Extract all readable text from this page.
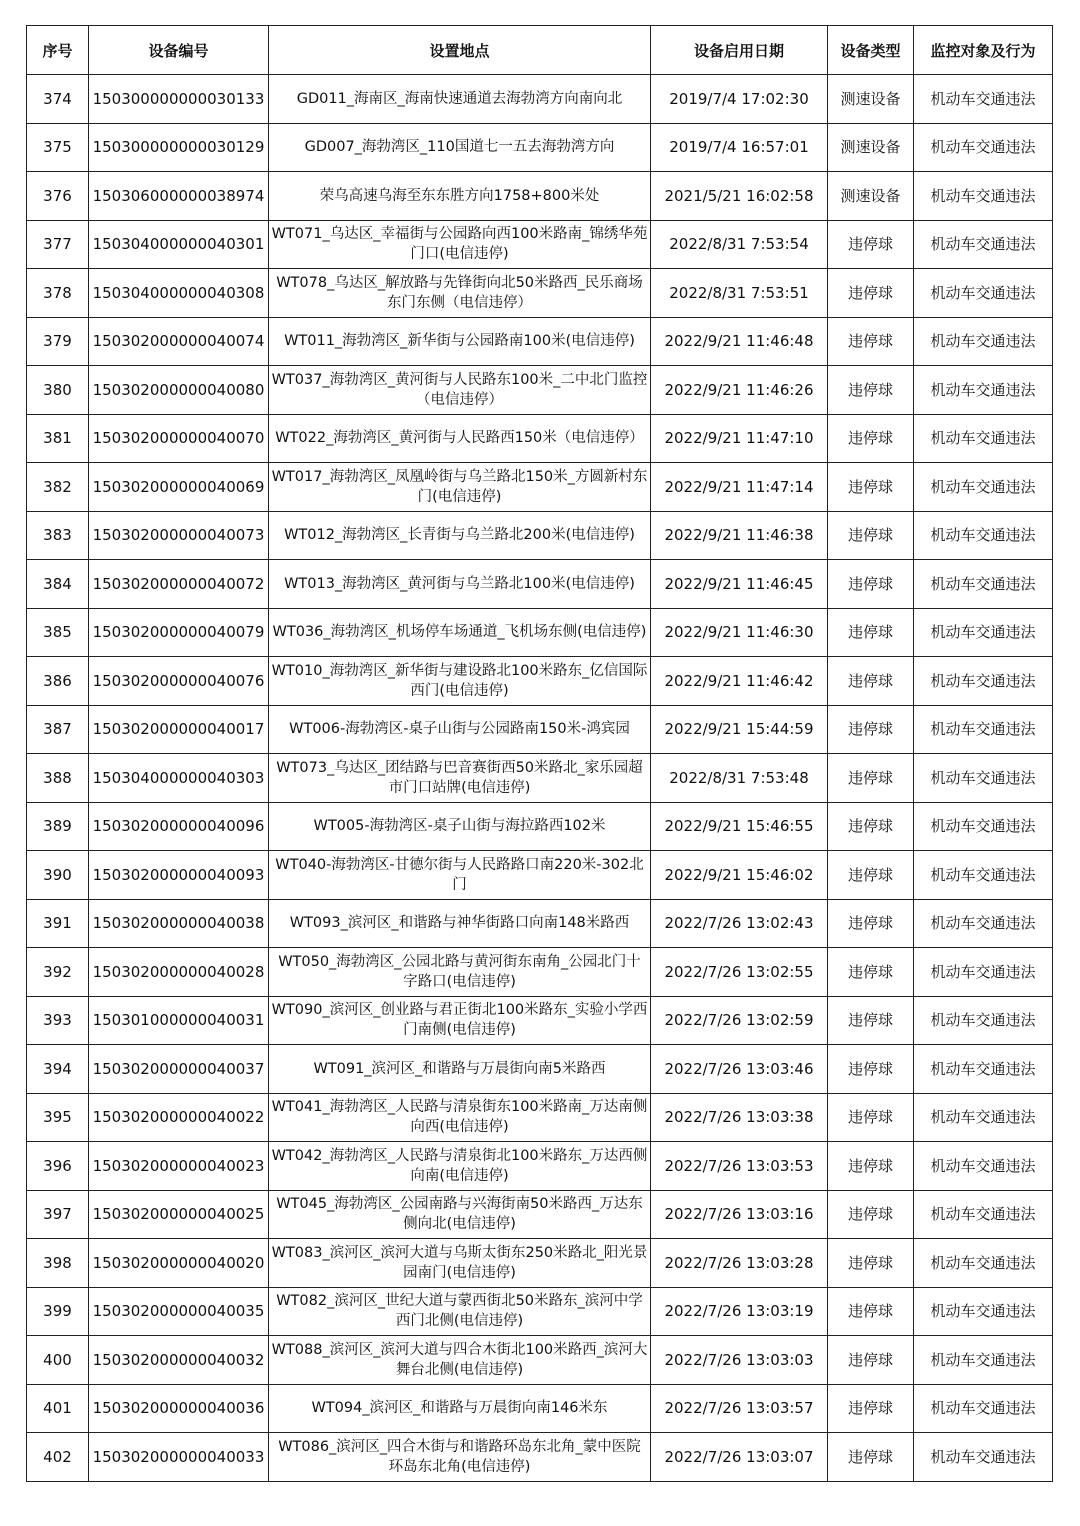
序号	设备编号	设置地点	设备启用日期	设备类型	监控对象及行为
374	150300000000030133	GD011_海南区_海南快速通道去海勃湾方向南向北	2019/7/4 17:02:30	测速设备	机动车交通违法
375	150300000000030129	GD007_海勃湾区_110国道七一五去海勃湾方向	2019/7/4 16:57:01	测速设备	机动车交通违法
376	150306000000038974	荣乌高速乌海至东东胜方向1758+800米处	2021/5/21 16:02:58	测速设备	机动车交通违法
377	150304000000040301	WT071_乌达区_幸福街与公园路向西100米路南_锦绣华苑门口(电信违停)	2022/8/31 7:53:54	违停球	机动车交通违法
378	150304000000040308	WT078_乌达区_解放路与先锋街向北50米路西_民乐商场东门东侧（电信违停）	2022/8/31 7:53:51	违停球	机动车交通违法
379	150302000000040074	WT011_海勃湾区_新华街与公园路南100米(电信违停)	2022/9/21 11:46:48	违停球	机动车交通违法
380	150302000000040080	WT037_海勃湾区_黄河街与人民路东100米_二中北门监控（电信违停）	2022/9/21 11:46:26	违停球	机动车交通违法
381	150302000000040070	WT022_海勃湾区_黄河街与人民路西150米（电信违停）	2022/9/21 11:47:10	违停球	机动车交通违法
382	150302000000040069	WT017_海勃湾区_凤凰岭街与乌兰路北150米_方圆新村东门(电信违停)	2022/9/21 11:47:14	违停球	机动车交通违法
383	150302000000040073	WT012_海勃湾区_长青街与乌兰路北200米(电信违停)	2022/9/21 11:46:38	违停球	机动车交通违法
384	150302000000040072	WT013_海勃湾区_黄河街与乌兰路北100米(电信违停)	2022/9/21 11:46:45	违停球	机动车交通违法
385	150302000000040079	WT036_海勃湾区_机场停车场通道_飞机场东侧(电信违停)	2022/9/21 11:46:30	违停球	机动车交通违法
386	150302000000040076	WT010_海勃湾区_新华街与建设路北100米路东_亿信国际西门(电信违停)	2022/9/21 11:46:42	违停球	机动车交通违法
387	150302000000040017	WT006-海勃湾区-桌子山街与公园路南150米-鸿宾园	2022/9/21 15:44:59	违停球	机动车交通违法
388	150304000000040303	WT073_乌达区_团结路与巴音赛街西50米路北_家乐园超市门口站牌(电信违停)	2022/8/31 7:53:48	违停球	机动车交通违法
389	150302000000040096	WT005-海勃湾区-桌子山街与海拉路西102米	2022/9/21 15:46:55	违停球	机动车交通违法
390	150302000000040093	WT040-海勃湾区-甘德尔街与人民路路口南220米-302北门	2022/9/21 15:46:02	违停球	机动车交通违法
391	150302000000040038	WT093_滨河区_和谐路与神华街路口向南148米路西	2022/7/26 13:02:43	违停球	机动车交通违法
392	150302000000040028	WT050_海勃湾区_公园北路与黄河街东南角_公园北门十字路口(电信违停)	2022/7/26 13:02:55	违停球	机动车交通违法
393	150301000000040031	WT090_滨河区_创业路与君正街北100米路东_实验小学西门南侧(电信违停)	2022/7/26 13:02:59	违停球	机动车交通违法
394	150302000000040037	WT091_滨河区_和谐路与万晨街向南5米路西	2022/7/26 13:03:46	违停球	机动车交通违法
395	150302000000040022	WT041_海勃湾区_人民路与清泉街东100米路南_万达南侧向西(电信违停)	2022/7/26 13:03:38	违停球	机动车交通违法
396	150302000000040023	WT042_海勃湾区_人民路与清泉街北100米路东_万达西侧向南(电信违停)	2022/7/26 13:03:53	违停球	机动车交通违法
397	150302000000040025	WT045_海勃湾区_公园南路与兴海街南50米路西_万达东侧向北(电信违停)	2022/7/26 13:03:16	违停球	机动车交通违法
398	150302000000040020	WT083_滨河区_滨河大道与乌斯太街东250米路北_阳光景园南门(电信违停)	2022/7/26 13:03:28	违停球	机动车交通违法
399	150302000000040035	WT082_滨河区_世纪大道与蒙西街北50米路东_滨河中学西门北侧(电信违停)	2022/7/26 13:03:19	违停球	机动车交通违法
400	150302000000040032	WT088_滨河区_滨河大道与四合木街北100米路西_滨河大舞台北侧(电信违停)	2022/7/26 13:03:03	违停球	机动车交通违法
401	150302000000040036	WT094_滨河区_和谐路与万晨街向南146米东	2022/7/26 13:03:57	违停球	机动车交通违法
402	150302000000040033	WT086_滨河区_四合木街与和谐路环岛东北角_蒙中医院环岛东北角(电信违停)	2022/7/26 13:03:07	违停球	机动车交通违法
